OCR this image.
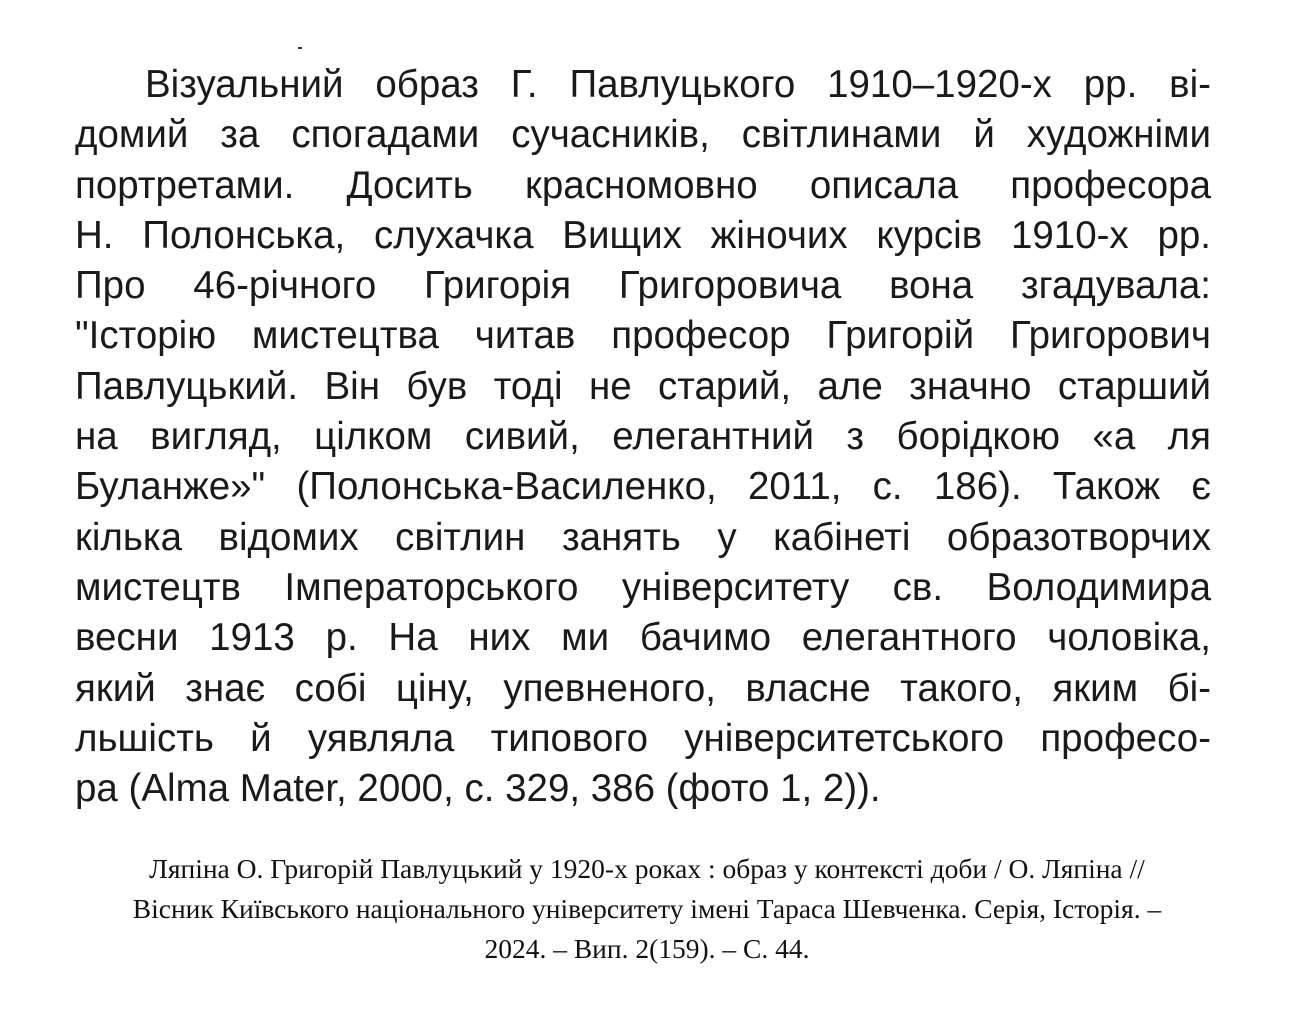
Візуальний образ Г. Павлуцького 1910–1920-х рр. ві-
домий за спогадами сучасників, світлинами й художніми
портретами. Досить красномовно описала професора
Н. Полонська, слухачка Вищих жіночих курсів 1910-х рр.
Про 46-річного Григорія Григоровича вона згадувала:
"Історію мистецтва читав професор Григорій Григорович
Павлуцький. Він був тоді не старий, але значно старший
на вигляд, цілком сивий, елегантний з борідкою «а ля
Буланже»" (Полонська-Василенко, 2011, с. 186). Також є
кілька відомих світлин занять у кабінеті образотворчих
мистецтв Імператорського університету св. Володимира
весни 1913 р. На них ми бачимо елегантного чоловіка,
який знає собі ціну, упевненого, власне такого, яким бі-
льшість й уявляла типового університетського професо-
ра (Alma Mater, 2000, с. 329, 386 (фото 1, 2)).
Ляпіна О. Григорій Павлуцький у 1920-х роках : образ у контексті доби / О. Ляпіна //
Вісник Київського національного університету імені Тараса Шевченка. Серія, Історія. –
2024. – Вип. 2(159). – С. 44.
